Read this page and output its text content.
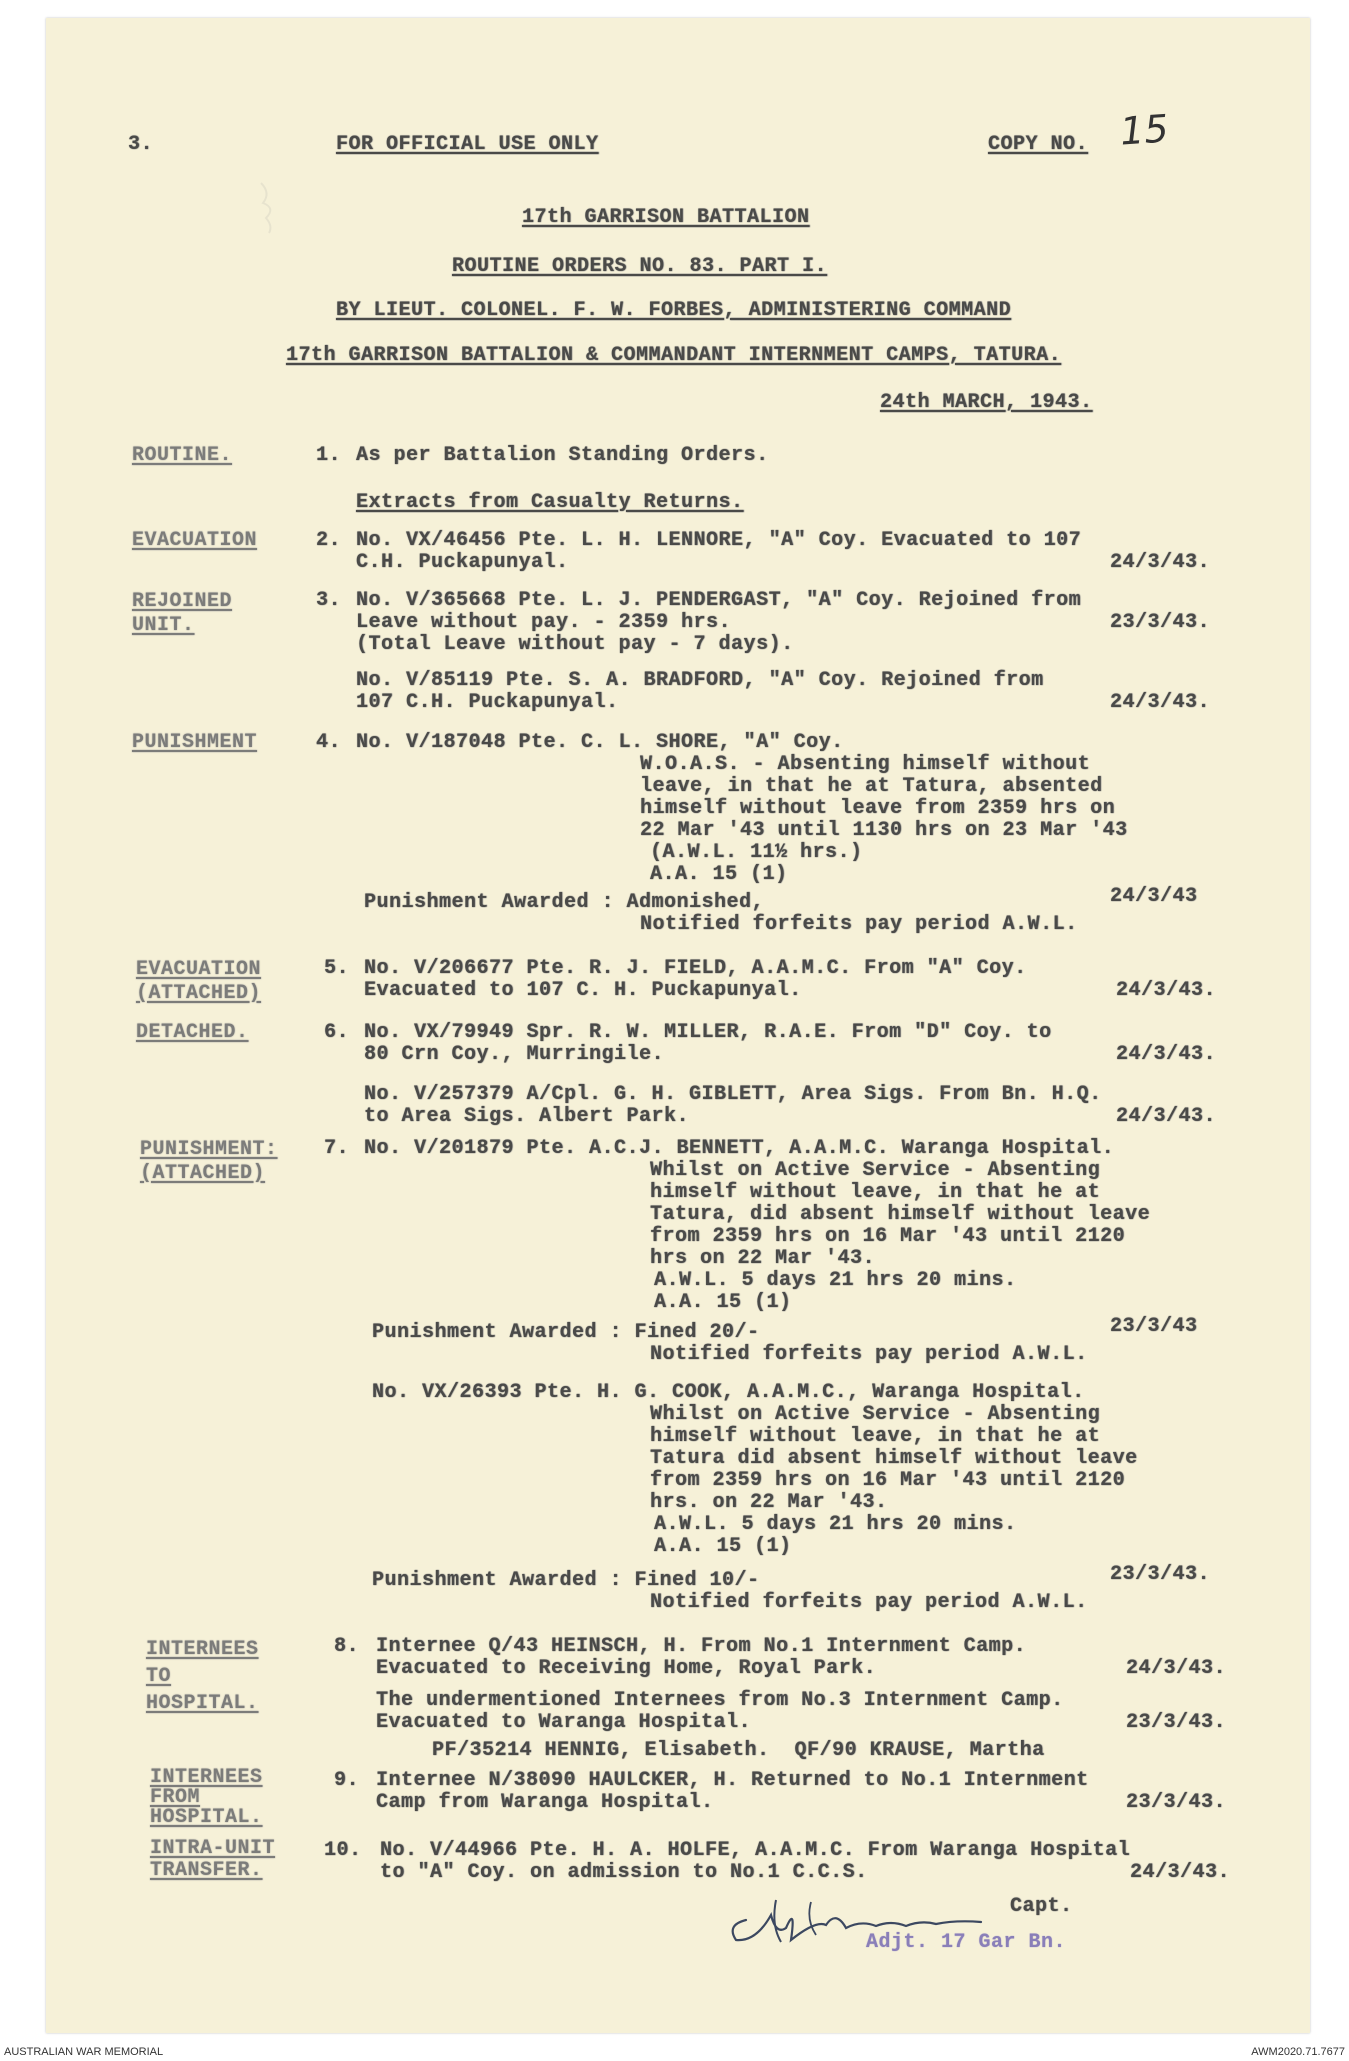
3.	FOR OFFICIAL USE ONLY	COPY NO. 15
17th GARRISON BATTALION
ROUTINE ORDERS NO. 83. PART I.
BY LIEUT. COLONEL. F. W. FORBES, ADMINISTERING COMMAND
17th GARRISON BATTALION & COMMANDANT INTERNMENT CAMPS, TATURA.
24th MARCH, 1943.
ROUTINE.	1. As per Battalion Standing Orders.
Extracts from Casualty Returns.
EVACUATION	2. No. VX/46456 Pte. L. H. LENNORE, "A" Coy. Evacuated to 107
C.H. Puckapunyal.	24/3/43.
REJOINED UNIT.
3. No. V/365668 Pte. L. J. PENDERGAST, "A" Coy. Rejoined from
Leave without pay. - 2359 hrs.	23/3/43.
(Total Leave without pay - 7 days).
No. V/85119 Pte. S. A. BRADFORD, "A" Coy. Rejoined from
107 C.H. Puckapunyal.	24/3/43.
PUNISHMENT	4. No. V/187048 Pte. C. L. SHORE, "A" Coy.
W.O.A.S. - Absenting himself without
leave, in that he at Tatura, absented
himself without leave from 2359 hrs on
22 Mar '43 until 1130 hrs on 23 Mar '43
(A.W.L. 11½ hrs.)
A.A. 15 (1)
Punishment Awarded : Admonished,	24/3/43
Notified forfeits pay period A.W.L.
EVACUATION (ATTACHED)
5. No. V/206677 Pte. R. J. FIELD, A.A.M.C. From "A" Coy.
Evacuated to 107 C. H. Puckapunyal.	24/3/43.
DETACHED.	6. No. VX/79949 Spr. R. W. MILLER, R.A.E. From "D" Coy. to
80 Crn Coy., Murringile.	24/3/43.
No. V/257379 A/Cpl. G. H. GIBLETT, Area Sigs. From Bn. H.Q.
to Area Sigs. Albert Park.	24/3/43.
PUNISHMENT: (ATTACHED)
7. No. V/201879 Pte. A.C.J. BENNETT, A.A.M.C. Waranga Hospital.
Whilst on Active Service - Absenting
himself without leave, in that he at
Tatura, did absent himself without leave
from 2359 hrs on 16 Mar '43 until 2120
hrs on 22 Mar '43.
A.W.L. 5 days 21 hrs 20 mins.
A.A. 15 (1)
Punishment Awarded : Fined 20/-	23/3/43
Notified forfeits pay period A.W.L.
No. VX/26393 Pte. H. G. COOK, A.A.M.C., Waranga Hospital.
Whilst on Active Service - Absenting
himself without leave, in that he at
Tatura did absent himself without leave
from 2359 hrs on 16 Mar '43 until 2120
hrs. on 22 Mar '43.
A.W.L. 5 days 21 hrs 20 mins.
A.A. 15 (1)
Punishment Awarded : Fined 10/-	23/3/43.
Notified forfeits pay period A.W.L.
INTERNEES TO HOSPITAL.
8. Internee Q/43 HEINSCH, H. From No.1 Internment Camp.
Evacuated to Receiving Home, Royal Park.	24/3/43.
The undermentioned Internees from No.3 Internment Camp.
Evacuated to Waranga Hospital.	23/3/43.
PF/35214 HENNIG, Elisabeth.  QF/90 KRAUSE, Martha
INTERNEES FROM HOSPITAL.
9. Internee N/38090 HAULCKER, H. Returned to No.1 Internment
Camp from Waranga Hospital.	23/3/43.
INTRA-UNIT TRANSFER.
10. No. V/44966 Pte. H. A. HOLFE, A.A.M.C. From Waranga Hospital
to "A" Coy. on admission to No.1 C.C.S.	24/3/43.
Capt.
Adjt. 17 Gar Bn.
AUSTRALIAN WAR MEMORIAL	AWM2020.71.7677
